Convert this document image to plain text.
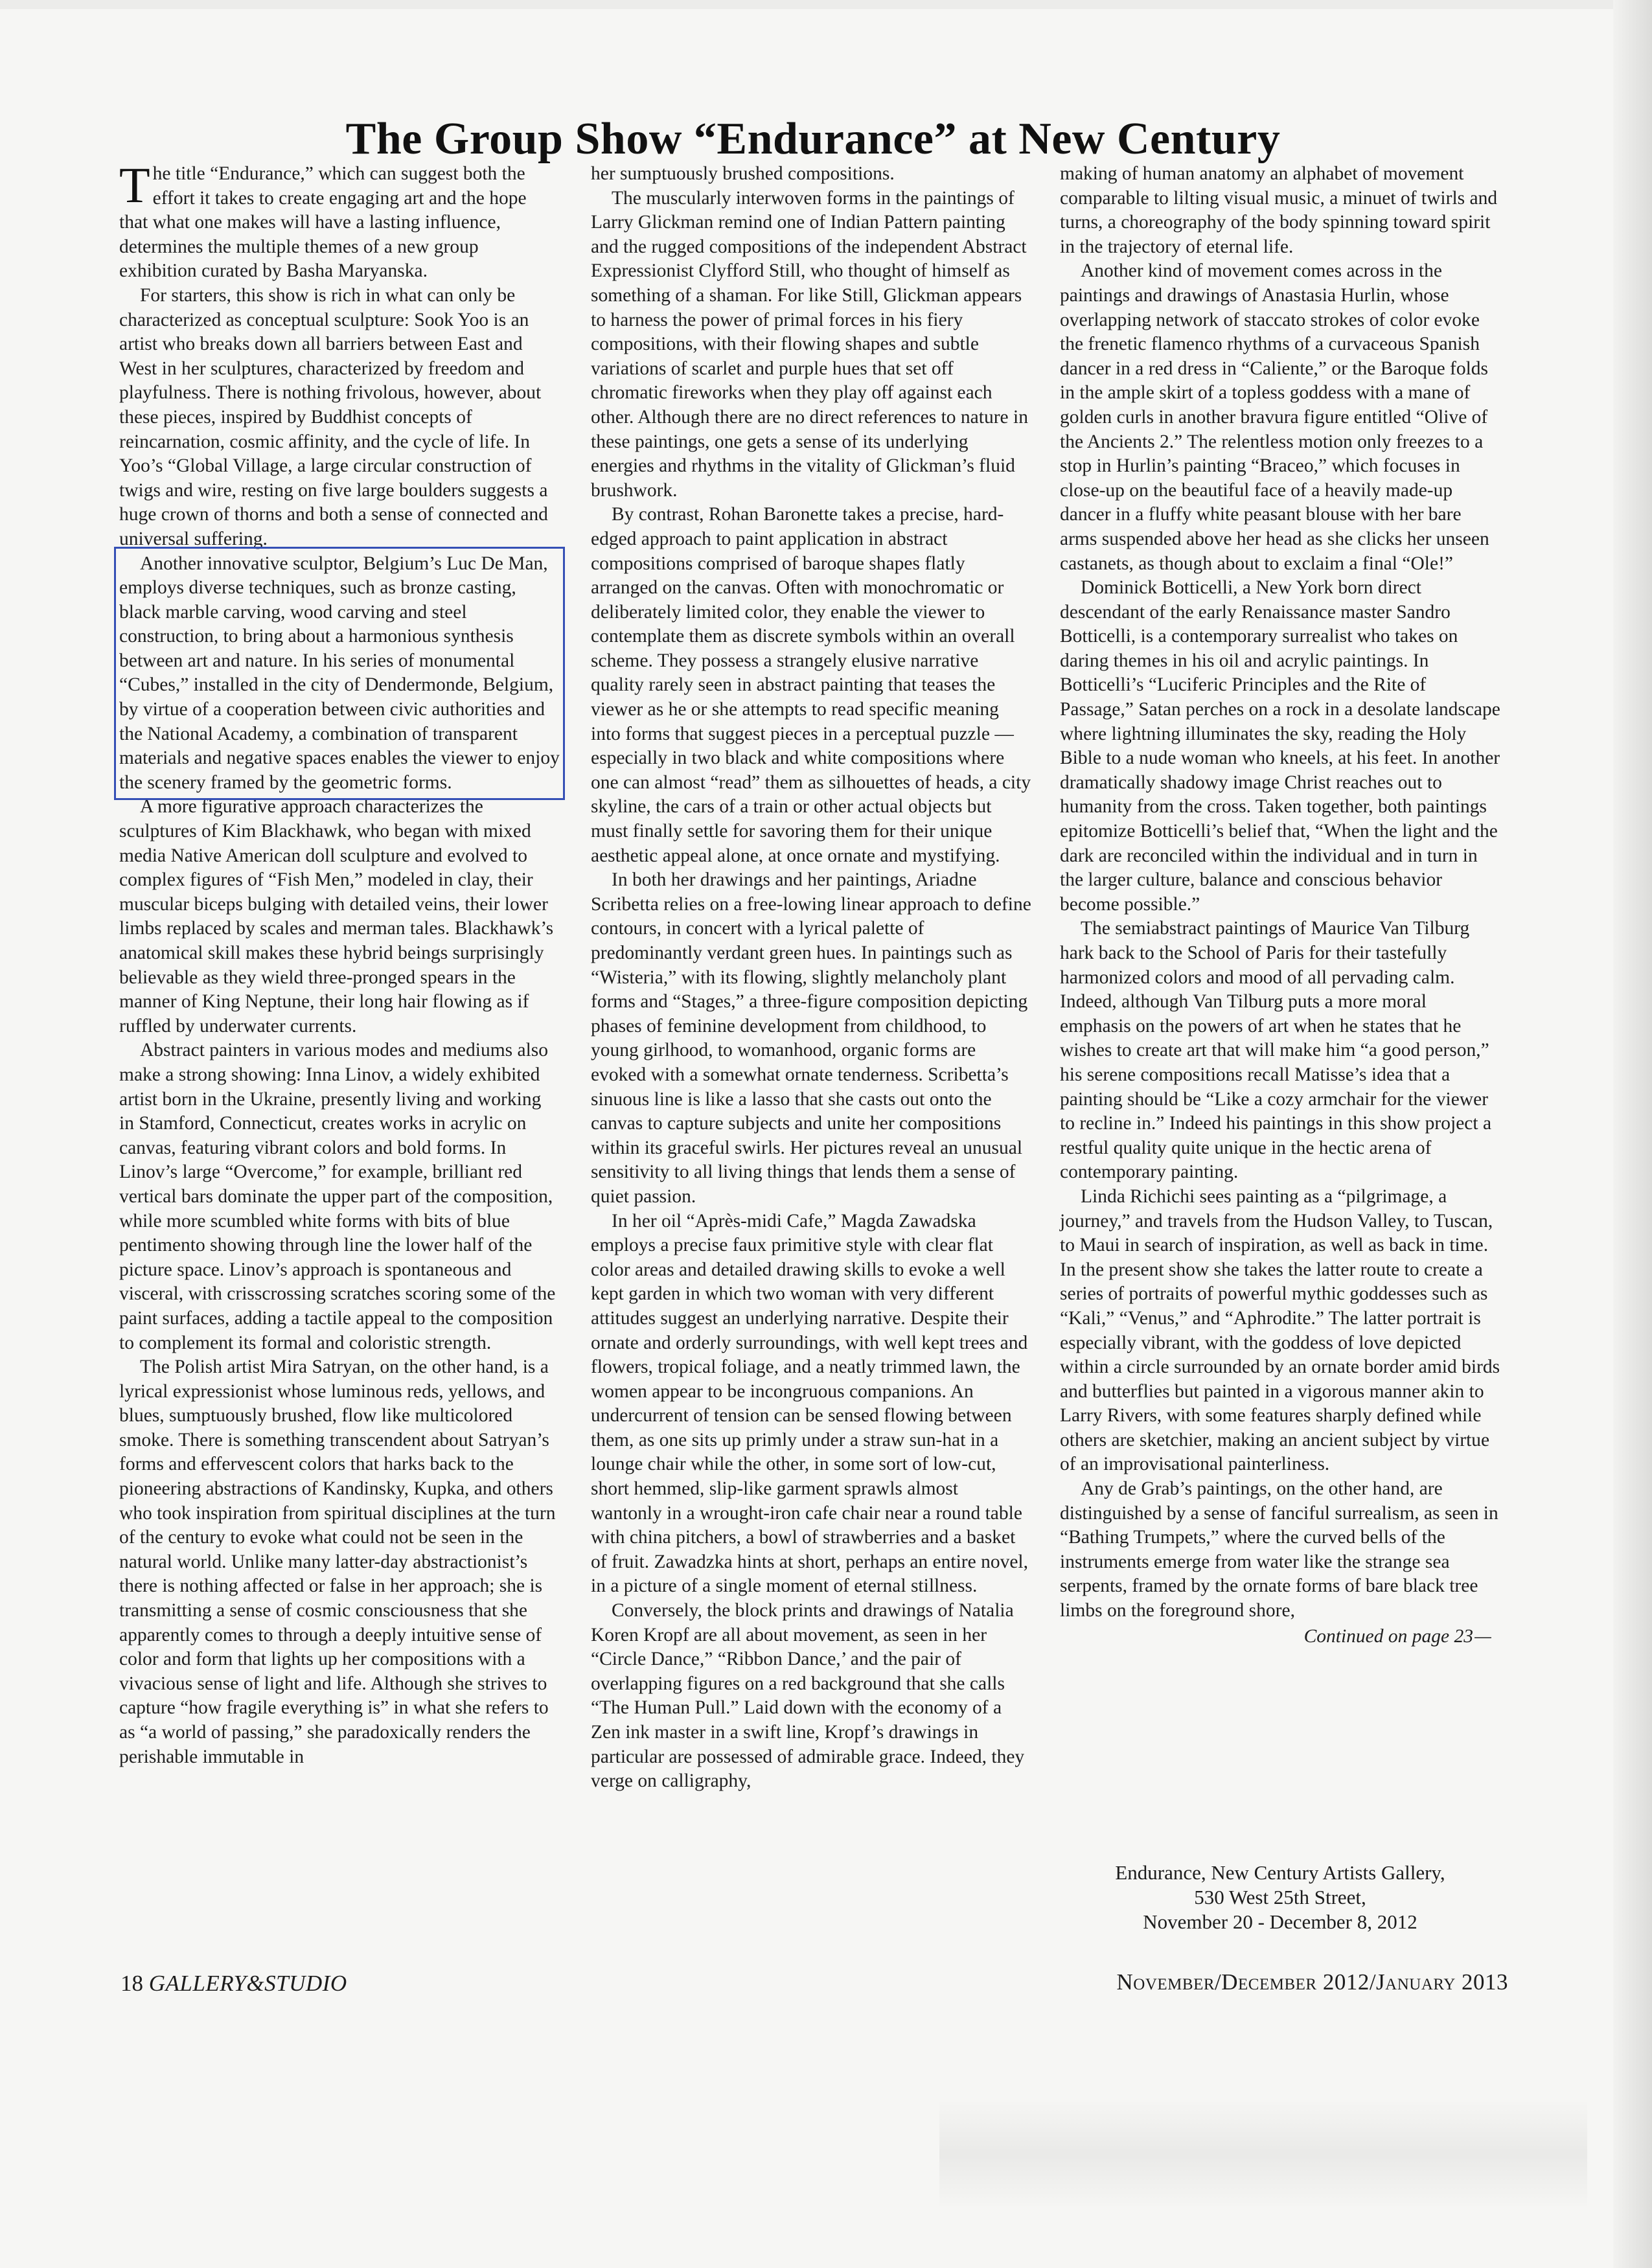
The Group Show “Endurance” at New Century

The title “Endurance,” which can suggest both the effort it takes to create engaging art and the hope that what one makes will have a lasting influence, determines the multiple themes of a new group exhibition curated by Basha Maryanska.

For starters, this show is rich in what can only be characterized as conceptual sculpture: Sook Yoo is an artist who breaks down all barriers between East and West in her sculptures, characterized by freedom and playfulness. There is nothing frivolous, however, about these pieces, inspired by Buddhist concepts of reincarnation, cosmic affinity, and the cycle of life. In Yoo’s “Global Village, a large circular construction of twigs and wire, resting on five large boulders suggests a huge crown of thorns and both a sense of connected and universal suffering.

Another innovative sculptor, Belgium’s Luc De Man, employs diverse techniques, such as bronze casting, black marble carving, wood carving and steel construction, to bring about a harmonious synthesis between art and nature. In his series of monumental “Cubes,” installed in the city of Dendermonde, Belgium, by virtue of a cooperation between civic authorities and the National Academy, a combination of transparent materials and negative spaces enables the viewer to enjoy the scenery framed by the geometric forms.

A more figurative approach characterizes the sculptures of Kim Blackhawk, who began with mixed media Native American doll sculpture and evolved to complex figures of “Fish Men,” modeled in clay, their muscular biceps bulging with detailed veins, their lower limbs replaced by scales and merman tales. Blackhawk’s anatomical skill makes these hybrid beings surprisingly believable as they wield three-pronged spears in the manner of King Neptune, their long hair flowing as if ruffled by underwater currents.

Abstract painters in various modes and mediums also make a strong showing: Inna Linov, a widely exhibited artist born in the Ukraine, presently living and working in Stamford, Connecticut, creates works in acrylic on canvas, featuring vibrant colors and bold forms. In Linov’s large “Overcome,” for example, brilliant red vertical bars dominate the upper part of the composition, while more scumbled white forms with bits of blue pentimento showing through line the lower half of the picture space. Linov’s approach is spontaneous and visceral, with crisscrossing scratches scoring some of the paint surfaces, adding a tactile appeal to the composition to complement its formal and coloristic strength.

The Polish artist Mira Satryan, on the other hand, is a lyrical expressionist whose luminous reds, yellows, and blues, sumptuously brushed, flow like multicolored smoke. There is something transcendent about Satryan’s forms and effervescent colors that harks back to the pioneering abstractions of Kandinsky, Kupka, and others who took inspiration from spiritual disciplines at the turn of the century to evoke what could not be seen in the natural world. Unlike many latter-day abstractionist’s there is nothing affected or false in her approach; she is transmitting a sense of cosmic consciousness that she apparently comes to through a deeply intuitive sense of color and form that lights up her compositions with a vivacious sense of light and life. Although she strives to capture “how fragile everything is” in what she refers to as “a world of passing,” she paradoxically renders the perishable immutable in

her sumptuously brushed compositions.

The muscularly interwoven forms in the paintings of Larry Glickman remind one of Indian Pattern painting and the rugged compositions of the independent Abstract Expressionist Clyfford Still, who thought of himself as something of a shaman. For like Still, Glickman appears to harness the power of primal forces in his fiery compositions, with their flowing shapes and subtle variations of scarlet and purple hues that set off chromatic fireworks when they play off against each other. Although there are no direct references to nature in these paintings, one gets a sense of its underlying energies and rhythms in the vitality of Glickman’s fluid brushwork.

By contrast, Rohan Baronette takes a precise, hard-edged approach to paint application in abstract compositions comprised of baroque shapes flatly arranged on the canvas. Often with monochromatic or deliberately limited color, they enable the viewer to contemplate them as discrete symbols within an overall scheme. They possess a strangely elusive narrative quality rarely seen in abstract painting that teases the viewer as he or she attempts to read specific meaning into forms that suggest pieces in a perceptual puzzle — especially in two black and white compositions where one can almost “read” them as silhouettes of heads, a city skyline, the cars of a train or other actual objects but must finally settle for savoring them for their unique aesthetic appeal alone, at once ornate and mystifying.

In both her drawings and her paintings, Ariadne Scribetta relies on a free-lowing linear approach to define contours, in concert with a lyrical palette of predominantly verdant green hues. In paintings such as “Wisteria,” with its flowing, slightly melancholy plant forms and “Stages,” a three-figure composition depicting phases of feminine development from childhood, to young girlhood, to womanhood, organic forms are evoked with a somewhat ornate tenderness. Scribetta’s sinuous line is like a lasso that she casts out onto the canvas to capture subjects and unite her compositions within its graceful swirls. Her pictures reveal an unusual sensitivity to all living things that lends them a sense of quiet passion.

In her oil “Après-midi Cafe,” Magda Zawadska employs a precise faux primitive style with clear flat color areas and detailed drawing skills to evoke a well kept garden in which two woman with very different attitudes suggest an underlying narrative. Despite their ornate and orderly surroundings, with well kept trees and flowers, tropical foliage, and a neatly trimmed lawn, the women appear to be incongruous companions. An undercurrent of tension can be sensed flowing between them, as one sits up primly under a straw sun-hat in a lounge chair while the other, in some sort of low-cut, short hemmed, slip-like garment sprawls almost wantonly in a wrought-iron cafe chair near a round table with china pitchers, a bowl of strawberries and a basket of fruit. Zawadzka hints at short, perhaps an entire novel, in a picture of a single moment of eternal stillness.

Conversely, the block prints and drawings of Natalia Koren Kropf are all about movement, as seen in her “Circle Dance,” “Ribbon Dance,’ and the pair of overlapping figures on a red background that she calls “The Human Pull.” Laid down with the economy of a Zen ink master in a swift line, Kropf’s drawings in particular are possessed of admirable grace. Indeed, they verge on calligraphy,

making of human anatomy an alphabet of movement comparable to lilting visual music, a minuet of twirls and turns, a choreography of the body spinning toward spirit in the trajectory of eternal life.

Another kind of movement comes across in the paintings and drawings of Anastasia Hurlin, whose overlapping network of staccato strokes of color evoke the frenetic flamenco rhythms of a curvaceous Spanish dancer in a red dress in “Caliente,” or the Baroque folds in the ample skirt of a topless goddess with a mane of golden curls in another bravura figure entitled “Olive of the Ancients 2.” The relentless motion only freezes to a stop in Hurlin’s painting “Braceo,” which focuses in close-up on the beautiful face of a heavily made-up dancer in a fluffy white peasant blouse with her bare arms suspended above her head as she clicks her unseen castanets, as though about to exclaim a final “Ole!”

Dominick Botticelli, a New York born direct descendant of the early Renaissance master Sandro Botticelli, is a contemporary surrealist who takes on daring themes in his oil and acrylic paintings. In Botticelli’s “Luciferic Principles and the Rite of Passage,” Satan perches on a rock in a desolate landscape where lightning illuminates the sky, reading the Holy Bible to a nude woman who kneels, at his feet. In another dramatically shadowy image Christ reaches out to humanity from the cross. Taken together, both paintings epitomize Botticelli’s belief that, “When the light and the dark are reconciled within the individual and in turn in the larger culture, balance and conscious behavior become possible.”

The semiabstract paintings of Maurice Van Tilburg hark back to the School of Paris for their tastefully harmonized colors and mood of all pervading calm. Indeed, although Van Tilburg puts a more moral emphasis on the powers of art when he states that he wishes to create art that will make him “a good person,” his serene compositions recall Matisse’s idea that a painting should be “Like a cozy armchair for the viewer to recline in.” Indeed his paintings in this show project a restful quality quite unique in the hectic arena of contemporary painting.

Linda Richichi sees painting as a “pilgrimage, a journey,” and travels from the Hudson Valley, to Tuscan, to Maui in search of inspiration, as well as back in time. In the present show she takes the latter route to create a series of portraits of powerful mythic goddesses such as “Kali,” “Venus,” and “Aphrodite.” The latter portrait is especially vibrant, with the goddess of love depicted within a circle surrounded by an ornate border amid birds and butterflies but painted in a vigorous manner akin to Larry Rivers, with some features sharply defined while others are sketchier, making an ancient subject by virtue of an improvisational painterliness.

Any de Grab’s paintings, on the other hand, are distinguished by a sense of fanciful surrealism, as seen in “Bathing Trumpets,” where the curved bells of the instruments emerge from water like the strange sea serpents, framed by the ornate forms of bare black tree limbs on the foreground shore,

Continued on page 23
Endurance, New Century Artists Gallery,
530 West 25th Street,
November 20 - December 8, 2012
18 GALLERY&STUDIO	November/December 2012/January 2013
